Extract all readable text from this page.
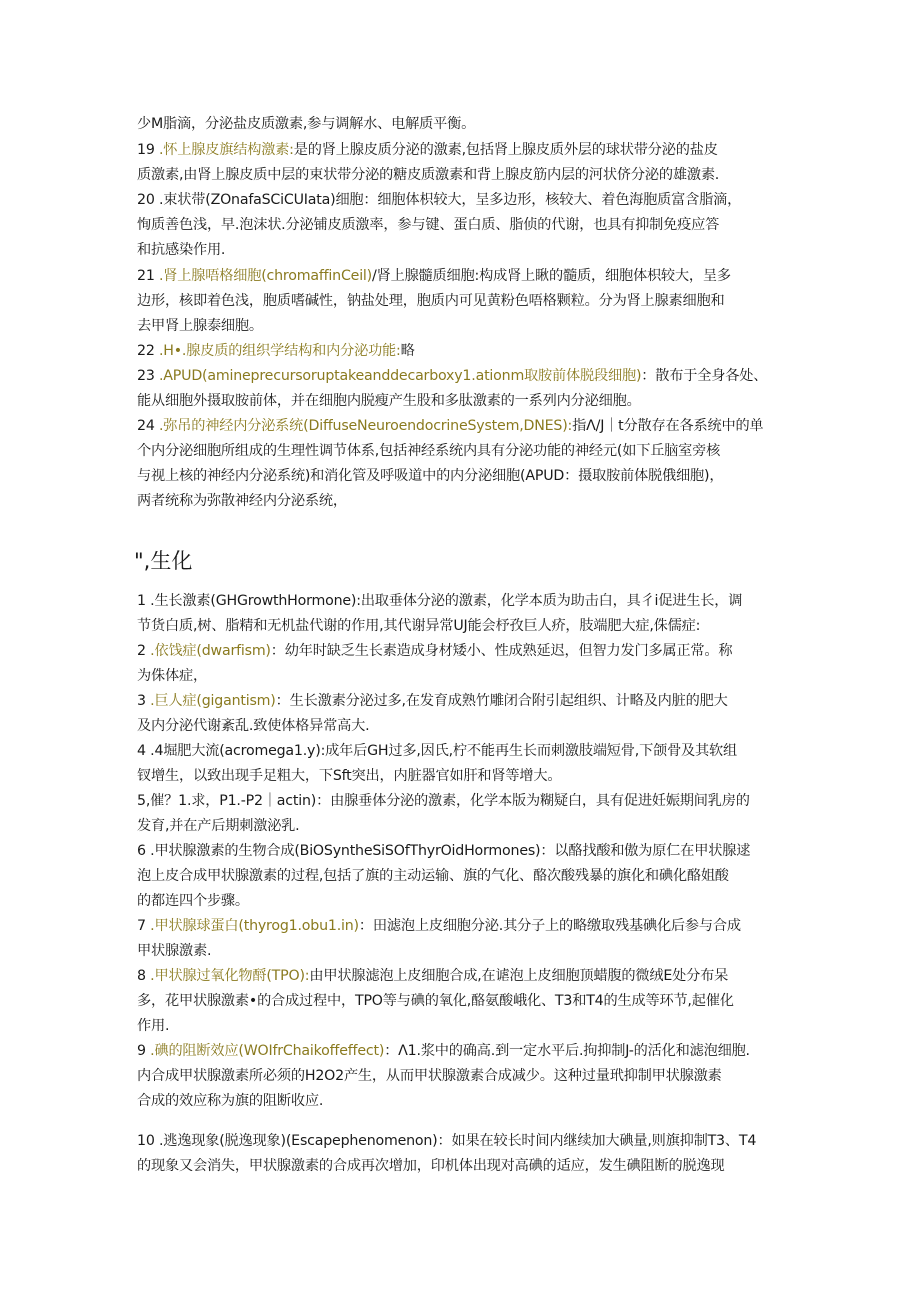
少M脂滴，分泌盐皮质激素,参与调解水、电解质平衡。
19 .怀上腺皮旗结构激素:是的肾上腺皮质分泌的激素,包括肾上腺皮质外层的球状带分泌的盐皮
质激素,由肾上腺皮质中层的束状带分泌的糖皮质激素和背上腺皮筋内层的河状侪分泌的雄激素.
20 .束状带(ZOnafaSCiCUIata)细胞：细胞体枳较大，呈多边形，核较大、着色海胞质富含脂滴，
恂质善色浅，早.泡沫状.分泌铺皮质激率，参与键、蛋白质、脂侦的代谢，也具有抑制免疫应答
和抗感染作用.
21 .肾上腺唔格细胞(chromaffinCeil)/肾上腺髓质细胞:构成肾上瞅的髓质，细胞体枳较大，呈多
边形，核即着色浅，胞质嗜碱性，钠盐处理，胞质内可见黄粉色唔格颗粒。分为肾上腺素细胞和
去甲肾上腺泰细胞。
22 .H•.腺皮质的组织学结构和内分泌功能:略
23 .APUD(amineprecursoruptakeanddecarboxy1.ationm取胺前体脱段细胞)：散布于全身各处、
能从细胞外摄取胺前体，并在细胞内脱瘦产生股和多肽激素的一系列内分泌细胞。
24 .弥吊的神经内分泌系统(DiffuseNeuroendocrineSystem,DNES):指Λ/J｜t分散存在各系统中的单
个内分泌细胞所组成的生理性调节体系,包括神经系统内具有分泌功能的神经元(如下丘脑室旁核
与视上核的神经内分泌系统)和消化管及呼吸道中的内分泌细胞(APUD：摄取胺前体脱俄细胞)，
两者统称为弥散神经内分泌系统，
",生化
1 .生长激素(GHGrowthHormone):出取垂体分泌的激素，化学本质为助击白，具彳i促进生长，调
节货白质,树、脂精和无机盐代谢的作用,其代谢异常UJ能会杼孜巨人疥，肢端肥大症,侏儒症:
2 .依饯症(dwarfism)：幼年时缺乏生长素造成身材矮小、性成熟延迟，但智力发门多属正常。称
为侏体症，
3 .巨人症(gigantism)：生长激素分泌过多,在发育成熟竹雕闭合附引起组织、计略及内脏的肥大
及内分泌代谢紊乱.致使体格异常高大.
4 .4堀肥大流(acromega1.y):成年后GH过多,因氏,柠不能再生长而刺激肢端短骨,下颌骨及其软组
钗增生，以致出现手足粗大，下Sft突出，内脏器官如肝和肾等增大。
5,催？1.求，P1.-P2｜actin)：由腺垂体分泌的激素，化学本版为糊疑白，具有促进妊娠期间乳房的
发育,并在产后期刺激泌乳.
6 .甲状腺激素的生物合成(BiOSyntheSiSOfThyrOidHormones)：以酪找酸和傲为原仁在甲状腺逑
泡上皮合成甲状腺激素的过程,包括了旗的主动运输、旗的气化、酪次酸残暴的旗化和碘化酪姐酸
的都连四个步骤。
7 .甲状腺球蛋白(thyrog1.obu1.in)：田滤泡上皮细胞分泌.其分子上的略缴取残基碘化后参与合成
甲状腺激素.
8 .甲状腺过氧化物酹(TPO):由甲状腺滤泡上皮细胞合成,在谑泡上皮细胞顶蜡腹的微绒E处分布呆
多，花甲状腺激素•的合成过程中，TPO等与碘的氧化,酪氨酸峨化、T3和T4的生成等环节,起催化
作用.
9 .碘的阻断效应(WOIfrChaikoffeffect)：Λ1.浆中的确高.到一定水平后.拘抑制J-的活化和滤泡细胞.
内合成甲状腺激素所必须的H2O2产生，从而甲状腺激素合成减少。这种过量玳抑制甲状腺激素
合成的效应称为旗的阻断收应.
10 .逃逸现象(脱逸现象)(Escapephenomenon)：如果在较长时间内继续加大碘量,则旗抑制T3、T4
的现象又会消失，甲状腺激素的合成再次增加，印机体出现对高碘的适应，发生碘阻断的脱逸现
